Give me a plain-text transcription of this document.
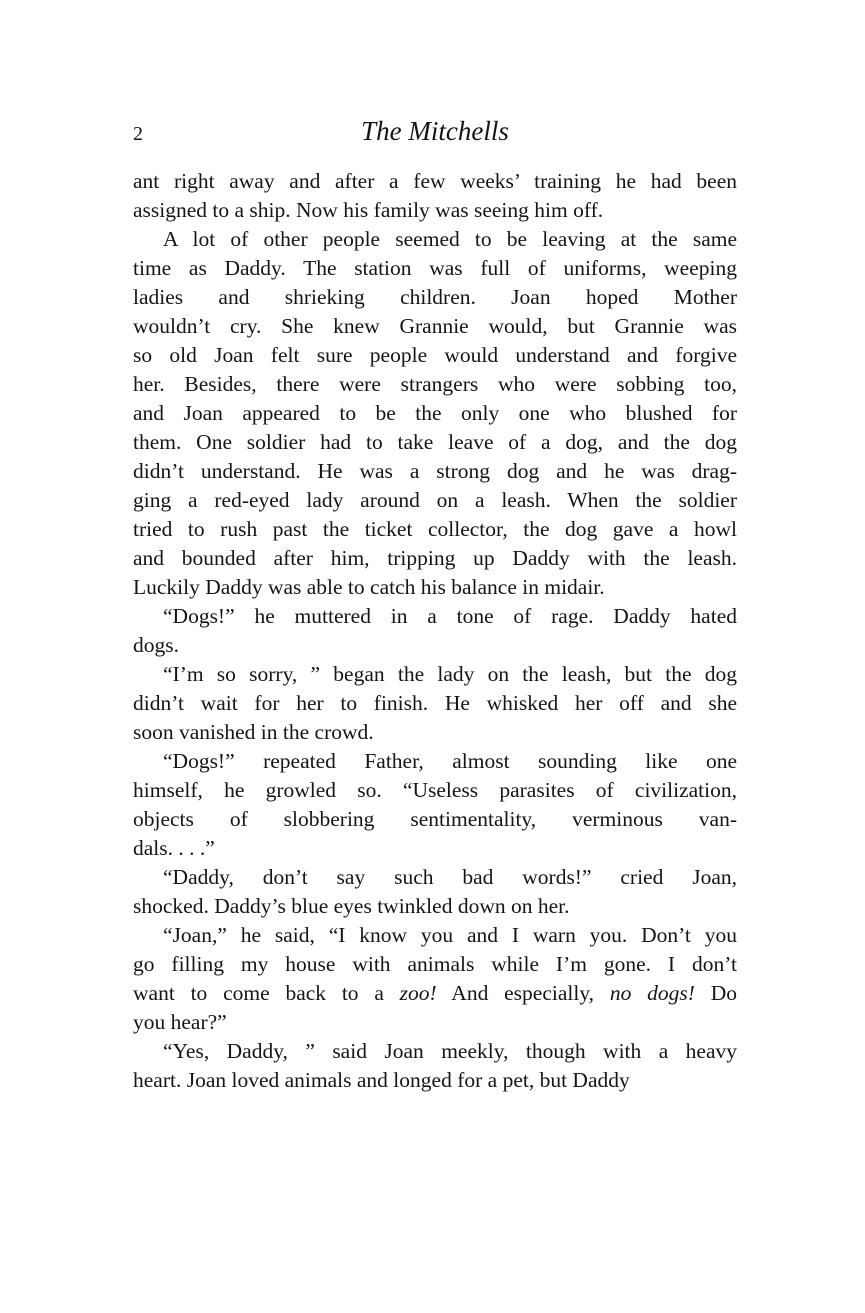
2	The Mitchells

ant right away and after a few weeks’ training he had been
assigned to a ship. Now his family was seeing him off.

A lot of other people seemed to be leaving at the same
time as Daddy. The station was full of uniforms, weeping
ladies and shrieking children. Joan hoped Mother
wouldn’t cry. She knew Grannie would, but Grannie was
so old Joan felt sure people would understand and forgive
her. Besides, there were strangers who were sobbing too,
and Joan appeared to be the only one who blushed for
them. One soldier had to take leave of a dog, and the dog
didn’t understand. He was a strong dog and he was drag-
ging a red-eyed lady around on a leash. When the soldier
tried to rush past the ticket collector, the dog gave a howl
and bounded after him, tripping up Daddy with the leash.
Luckily Daddy was able to catch his balance in midair.

“Dogs!” he muttered in a tone of rage. Daddy hated
dogs.

“I’m so sorry, ” began the lady on the leash, but the dog
didn’t wait for her to finish. He whisked her off and she
soon vanished in the crowd.

“Dogs!” repeated Father, almost sounding like one
himself, he growled so. “Useless parasites of civilization,
objects of slobbering sentimentality, verminous van-
dals. . . .”

“Daddy, don’t say such bad words!” cried Joan,
shocked. Daddy’s blue eyes twinkled down on her.

“Joan,” he said, “I know you and I warn you. Don’t you
go filling my house with animals while I’m gone. I don’t
want to come back to a zoo! And especially, no dogs! Do
you hear?”

“Yes, Daddy, ” said Joan meekly, though with a heavy
heart. Joan loved animals and longed for a pet, but Daddy
